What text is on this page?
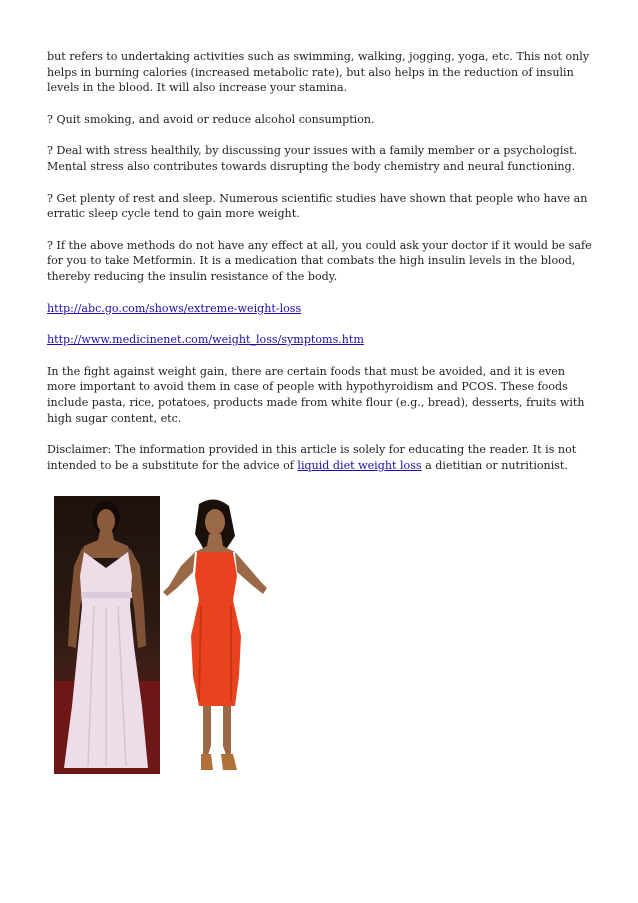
but refers to undertaking activities such as swimming, walking, jogging, yoga, etc. This not only helps in burning calories (increased metabolic rate), but also helps in the reduction of insulin levels in the blood. It will also increase your stamina.

? Quit smoking, and avoid or reduce alcohol consumption.

? Deal with stress healthily, by discussing your issues with a family member or a psychologist. Mental stress also contributes towards disrupting the body chemistry and neural functioning.

? Get plenty of rest and sleep. Numerous scientific studies have shown that people who have an erratic sleep cycle tend to gain more weight.

? If the above methods do not have any effect at all, you could ask your doctor if it would be safe for you to take Metformin. It is a medication that combats the high insulin levels in the blood, thereby reducing the insulin resistance of the body.

http://abc.go.com/shows/extreme-weight-loss

http://www.medicinenet.com/weight_loss/symptoms.htm

In the fight against weight gain, there are certain foods that must be avoided, and it is even more important to avoid them in case of people with hypothyroidism and PCOS. These foods include pasta, rice, potatoes, products made from white flour (e.g., bread), desserts, fruits with high sugar content, etc.

Disclaimer: The information provided in this article is solely for educating the reader. It is not intended to be a substitute for the advice of liquid diet weight loss a dietitian or nutritionist.
